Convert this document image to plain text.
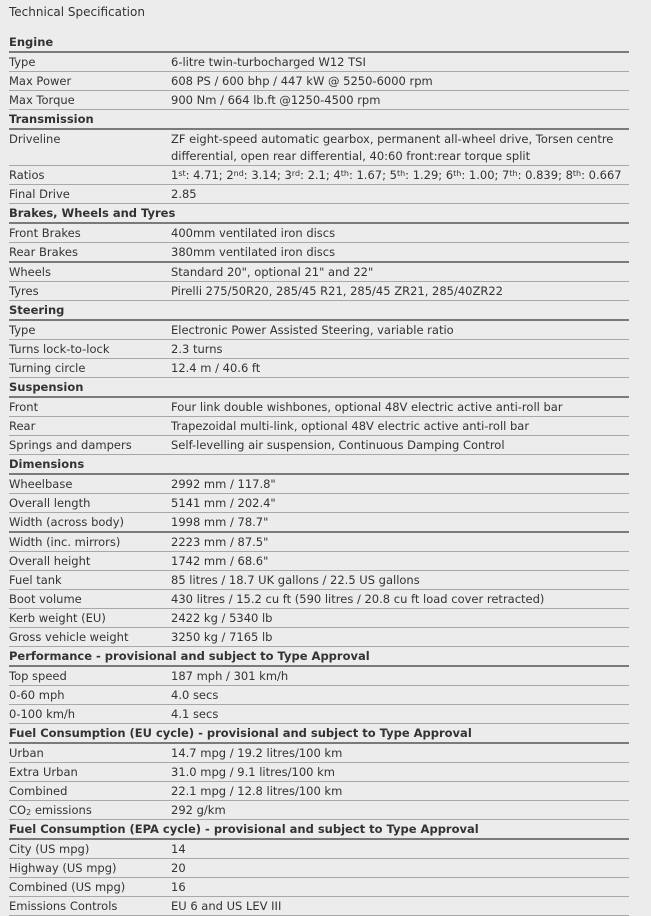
Technical Specification
Engine
Type	6-litre twin-turbocharged W12 TSI
Max Power	608 PS / 600 bhp / 447 kW @ 5250-6000 rpm
Max Torque	900 Nm / 664 lb.ft @1250-4500 rpm
Transmission
Driveline	ZF eight-speed automatic gearbox, permanent all-wheel drive, Torsen centre differential, open rear differential, 40:60 front:rear torque split
Ratios	1st: 4.71; 2nd: 3.14; 3rd: 2.1; 4th: 1.67; 5th: 1.29; 6th: 1.00; 7th: 0.839; 8th: 0.667
Final Drive	2.85
Brakes, Wheels and Tyres
Front Brakes	400mm ventilated iron discs
Rear Brakes	380mm ventilated iron discs
Wheels	Standard 20", optional 21" and 22"
Tyres	Pirelli 275/50R20, 285/45 R21, 285/45 ZR21, 285/40ZR22
Steering
Type	Electronic Power Assisted Steering, variable ratio
Turns lock-to-lock	2.3 turns
Turning circle	12.4 m / 40.6 ft
Suspension
Front	Four link double wishbones, optional 48V electric active anti-roll bar
Rear	Trapezoidal multi-link, optional 48V electric active anti-roll bar
Springs and dampers	Self-levelling air suspension, Continuous Damping Control
Dimensions
Wheelbase	2992 mm / 117.8"
Overall length	5141 mm / 202.4"
Width (across body)	1998 mm / 78.7"
Width (inc. mirrors)	2223 mm / 87.5"
Overall height	1742 mm / 68.6"
Fuel tank	85 litres / 18.7 UK gallons / 22.5 US gallons
Boot volume	430 litres / 15.2 cu ft (590 litres / 20.8 cu ft load cover retracted)
Kerb weight (EU)	2422 kg / 5340 lb
Gross vehicle weight	3250 kg / 7165 lb
Performance - provisional and subject to Type Approval
Top speed	187 mph / 301 km/h
0-60 mph	4.0 secs
0-100 km/h	4.1 secs
Fuel Consumption (EU cycle) - provisional and subject to Type Approval
Urban	14.7 mpg / 19.2 litres/100 km
Extra Urban	31.0 mpg / 9.1 litres/100 km
Combined	22.1 mpg / 12.8 litres/100 km
$CO_2$ emissions	292 g/km
Fuel Consumption (EPA cycle) - provisional and subject to Type Approval
City (US mpg)	14
Highway (US mpg)	20
Combined (US mpg)	16
Emissions Controls	EU 6 and US LEV III
